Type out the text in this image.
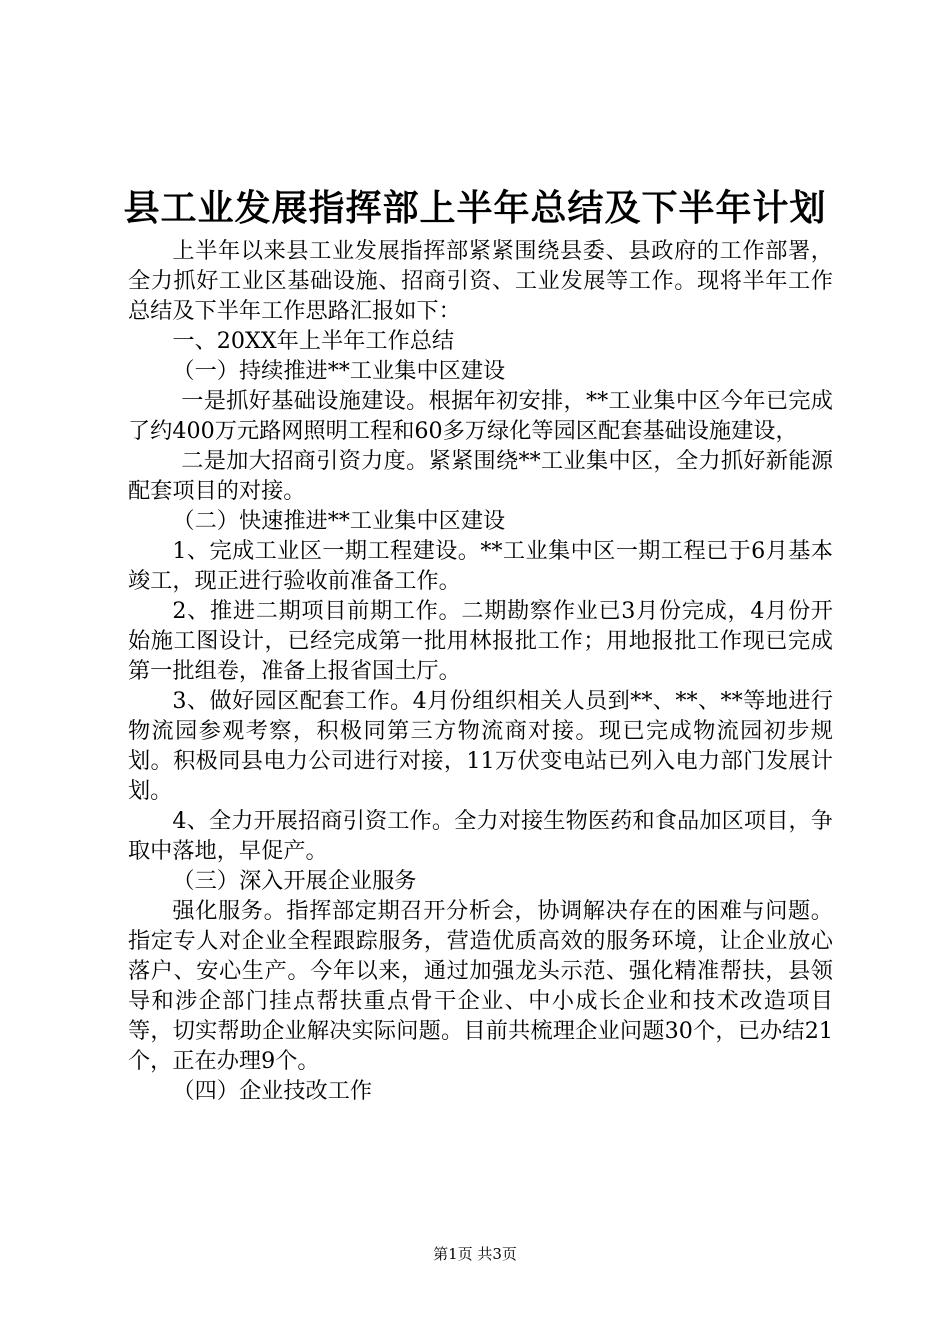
县工业发展指挥部上半年总结及下半年计划

上半年以来县工业发展指挥部紧紧围绕县委、县政府的工作部署，全力抓好工业区基础设施、招商引资、工业发展等工作。现将半年工作总结及下半年工作思路汇报如下：

一、20XX年上半年工作总结

（一）持续推进**工业集中区建设

一是抓好基础设施建设。根据年初安排，**工业集中区今年已完成了约400万元路网照明工程和60多万绿化等园区配套基础设施建设，

二是加大招商引资力度。紧紧围绕**工业集中区，全力抓好新能源配套项目的对接。

（二）快速推进**工业集中区建设

1、完成工业区一期工程建设。**工业集中区一期工程已于6月基本竣工，现正进行验收前准备工作。

2、推进二期项目前期工作。二期勘察作业已3月份完成，4月份开始施工图设计，已经完成第一批用林报批工作；用地报批工作现已完成第一批组卷，准备上报省国土厅。

3、做好园区配套工作。4月份组织相关人员到**、**、**等地进行物流园参观考察，积极同第三方物流商对接。现已完成物流园初步规划。积极同县电力公司进行对接，11万伏变电站已列入电力部门发展计划。

4、全力开展招商引资工作。全力对接生物医药和食品加区项目，争取中落地，早促产。

（三）深入开展企业服务

强化服务。指挥部定期召开分析会，协调解决存在的困难与问题。指定专人对企业全程跟踪服务，营造优质高效的服务环境，让企业放心落户、安心生产。今年以来，通过加强龙头示范、强化精准帮扶，县领导和涉企部门挂点帮扶重点骨干企业、中小成长企业和技术改造项目等，切实帮助企业解决实际问题。目前共梳理企业问题30个，已办结21个，正在办理9个。

（四）企业技改工作

第1页 共3页
